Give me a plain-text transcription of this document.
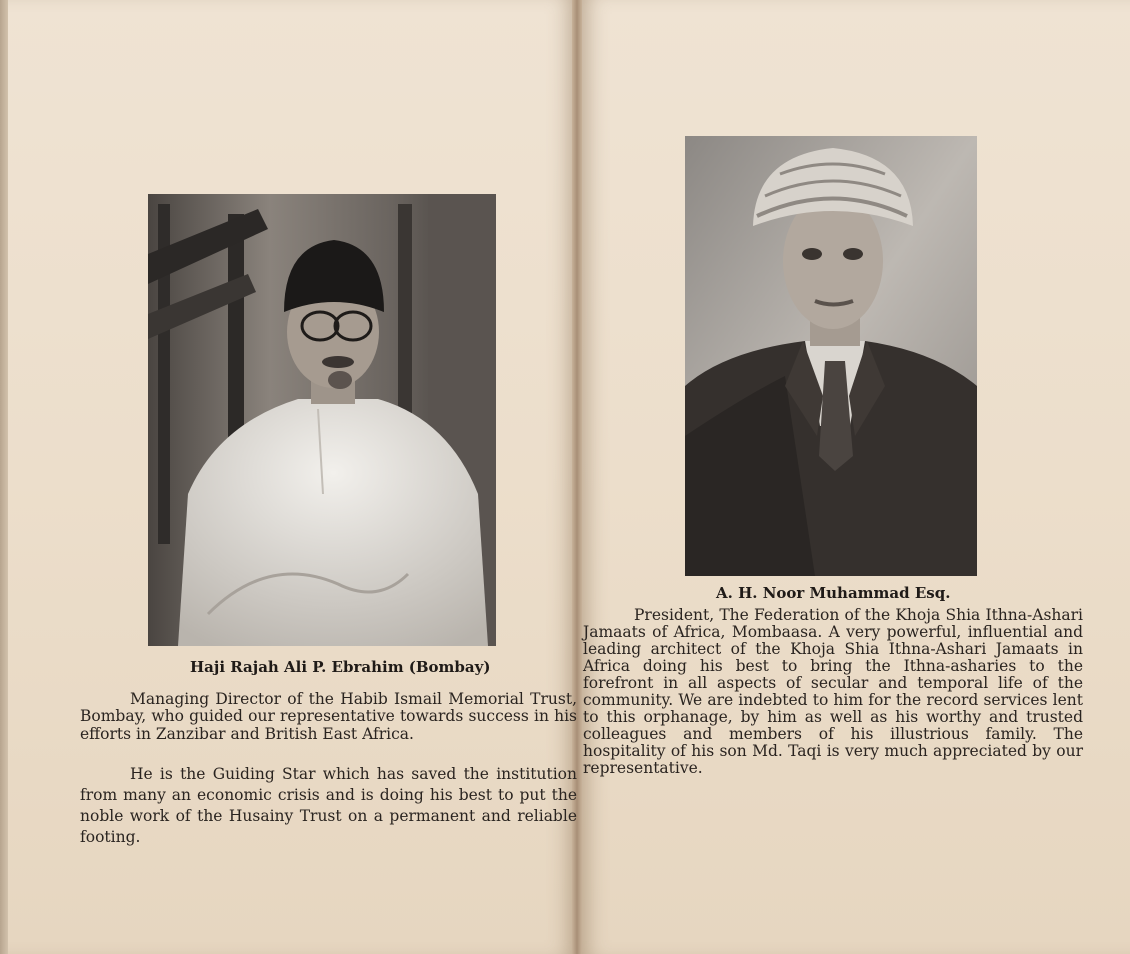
Haji Rajah Ali P. Ebrahim (Bombay)
Managing Director of the Habib Ismail Memorial Trust, Bombay, who guided our representative towards success in his efforts in Zanzibar and British East Africa.
He is the Guiding Star which has saved the institution from many an economic crisis and is doing his best to put the noble work of the Husainy Trust on a permanent and reliable footing.
A. H. Noor Muhammad Esq.
President, The Federation of the Khoja Shia Ithna-Ashari Jamaats of Africa, Mombaasa. A very powerful, influential and leading architect of the Khoja Shia Ithna-Ashari Jamaats in Africa doing his best to bring the Ithna-asharies to the forefront in all aspects of secular and temporal life of the community. We are indebted to him for the record services lent to this orphanage, by him as well as his worthy and trusted colleagues and members of his illustrious family. The hospitality of his son Md. Taqi is very much appreciated by our representative.
